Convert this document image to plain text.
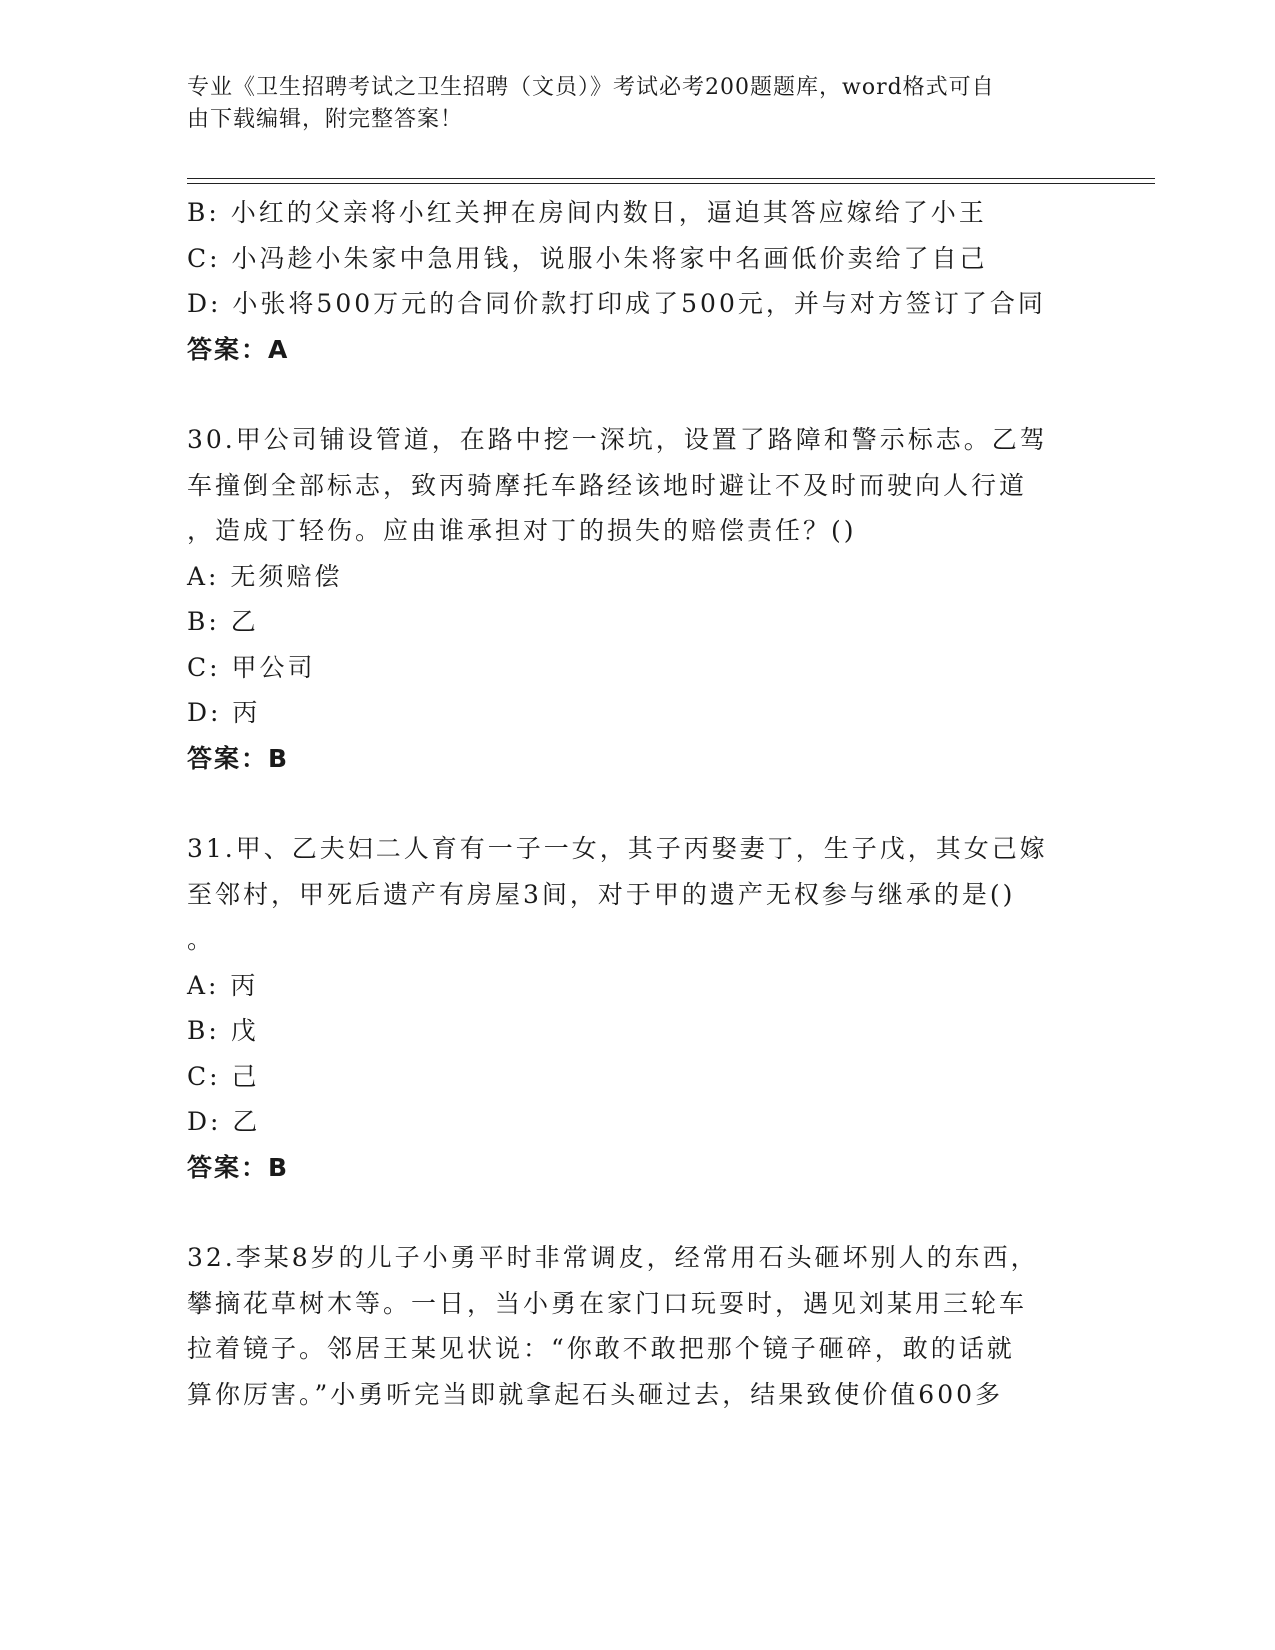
专业《卫生招聘考试之卫生招聘（文员）》考试必考200题题库，word格式可自
由下载编辑，附完整答案！
B: 小红的父亲将小红关押在房间内数日，逼迫其答应嫁给了小王
C: 小冯趁小朱家中急用钱，说服小朱将家中名画低价卖给了自己
D: 小张将500万元的合同价款打印成了500元，并与对方签订了合同
答案：A
30.甲公司铺设管道，在路中挖一深坑，设置了路障和警示标志。乙驾
车撞倒全部标志，致丙骑摩托车路经该地时避让不及时而驶向人行道
，造成丁轻伤。应由谁承担对丁的损失的赔偿责任？()
A: 无须赔偿
B: 乙
C: 甲公司
D: 丙
答案：B
31.甲、乙夫妇二人育有一子一女，其子丙娶妻丁，生子戊，其女己嫁
至邻村，甲死后遗产有房屋3间，对于甲的遗产无权参与继承的是()
。
A: 丙
B: 戊
C: 己
D: 乙
答案：B
32.李某8岁的儿子小勇平时非常调皮，经常用石头砸坏别人的东西，
攀摘花草树木等。一日，当小勇在家门口玩耍时，遇见刘某用三轮车
拉着镜子。邻居王某见状说：“你敢不敢把那个镜子砸碎，敢的话就
算你厉害。”小勇听完当即就拿起石头砸过去，结果致使价值600多
